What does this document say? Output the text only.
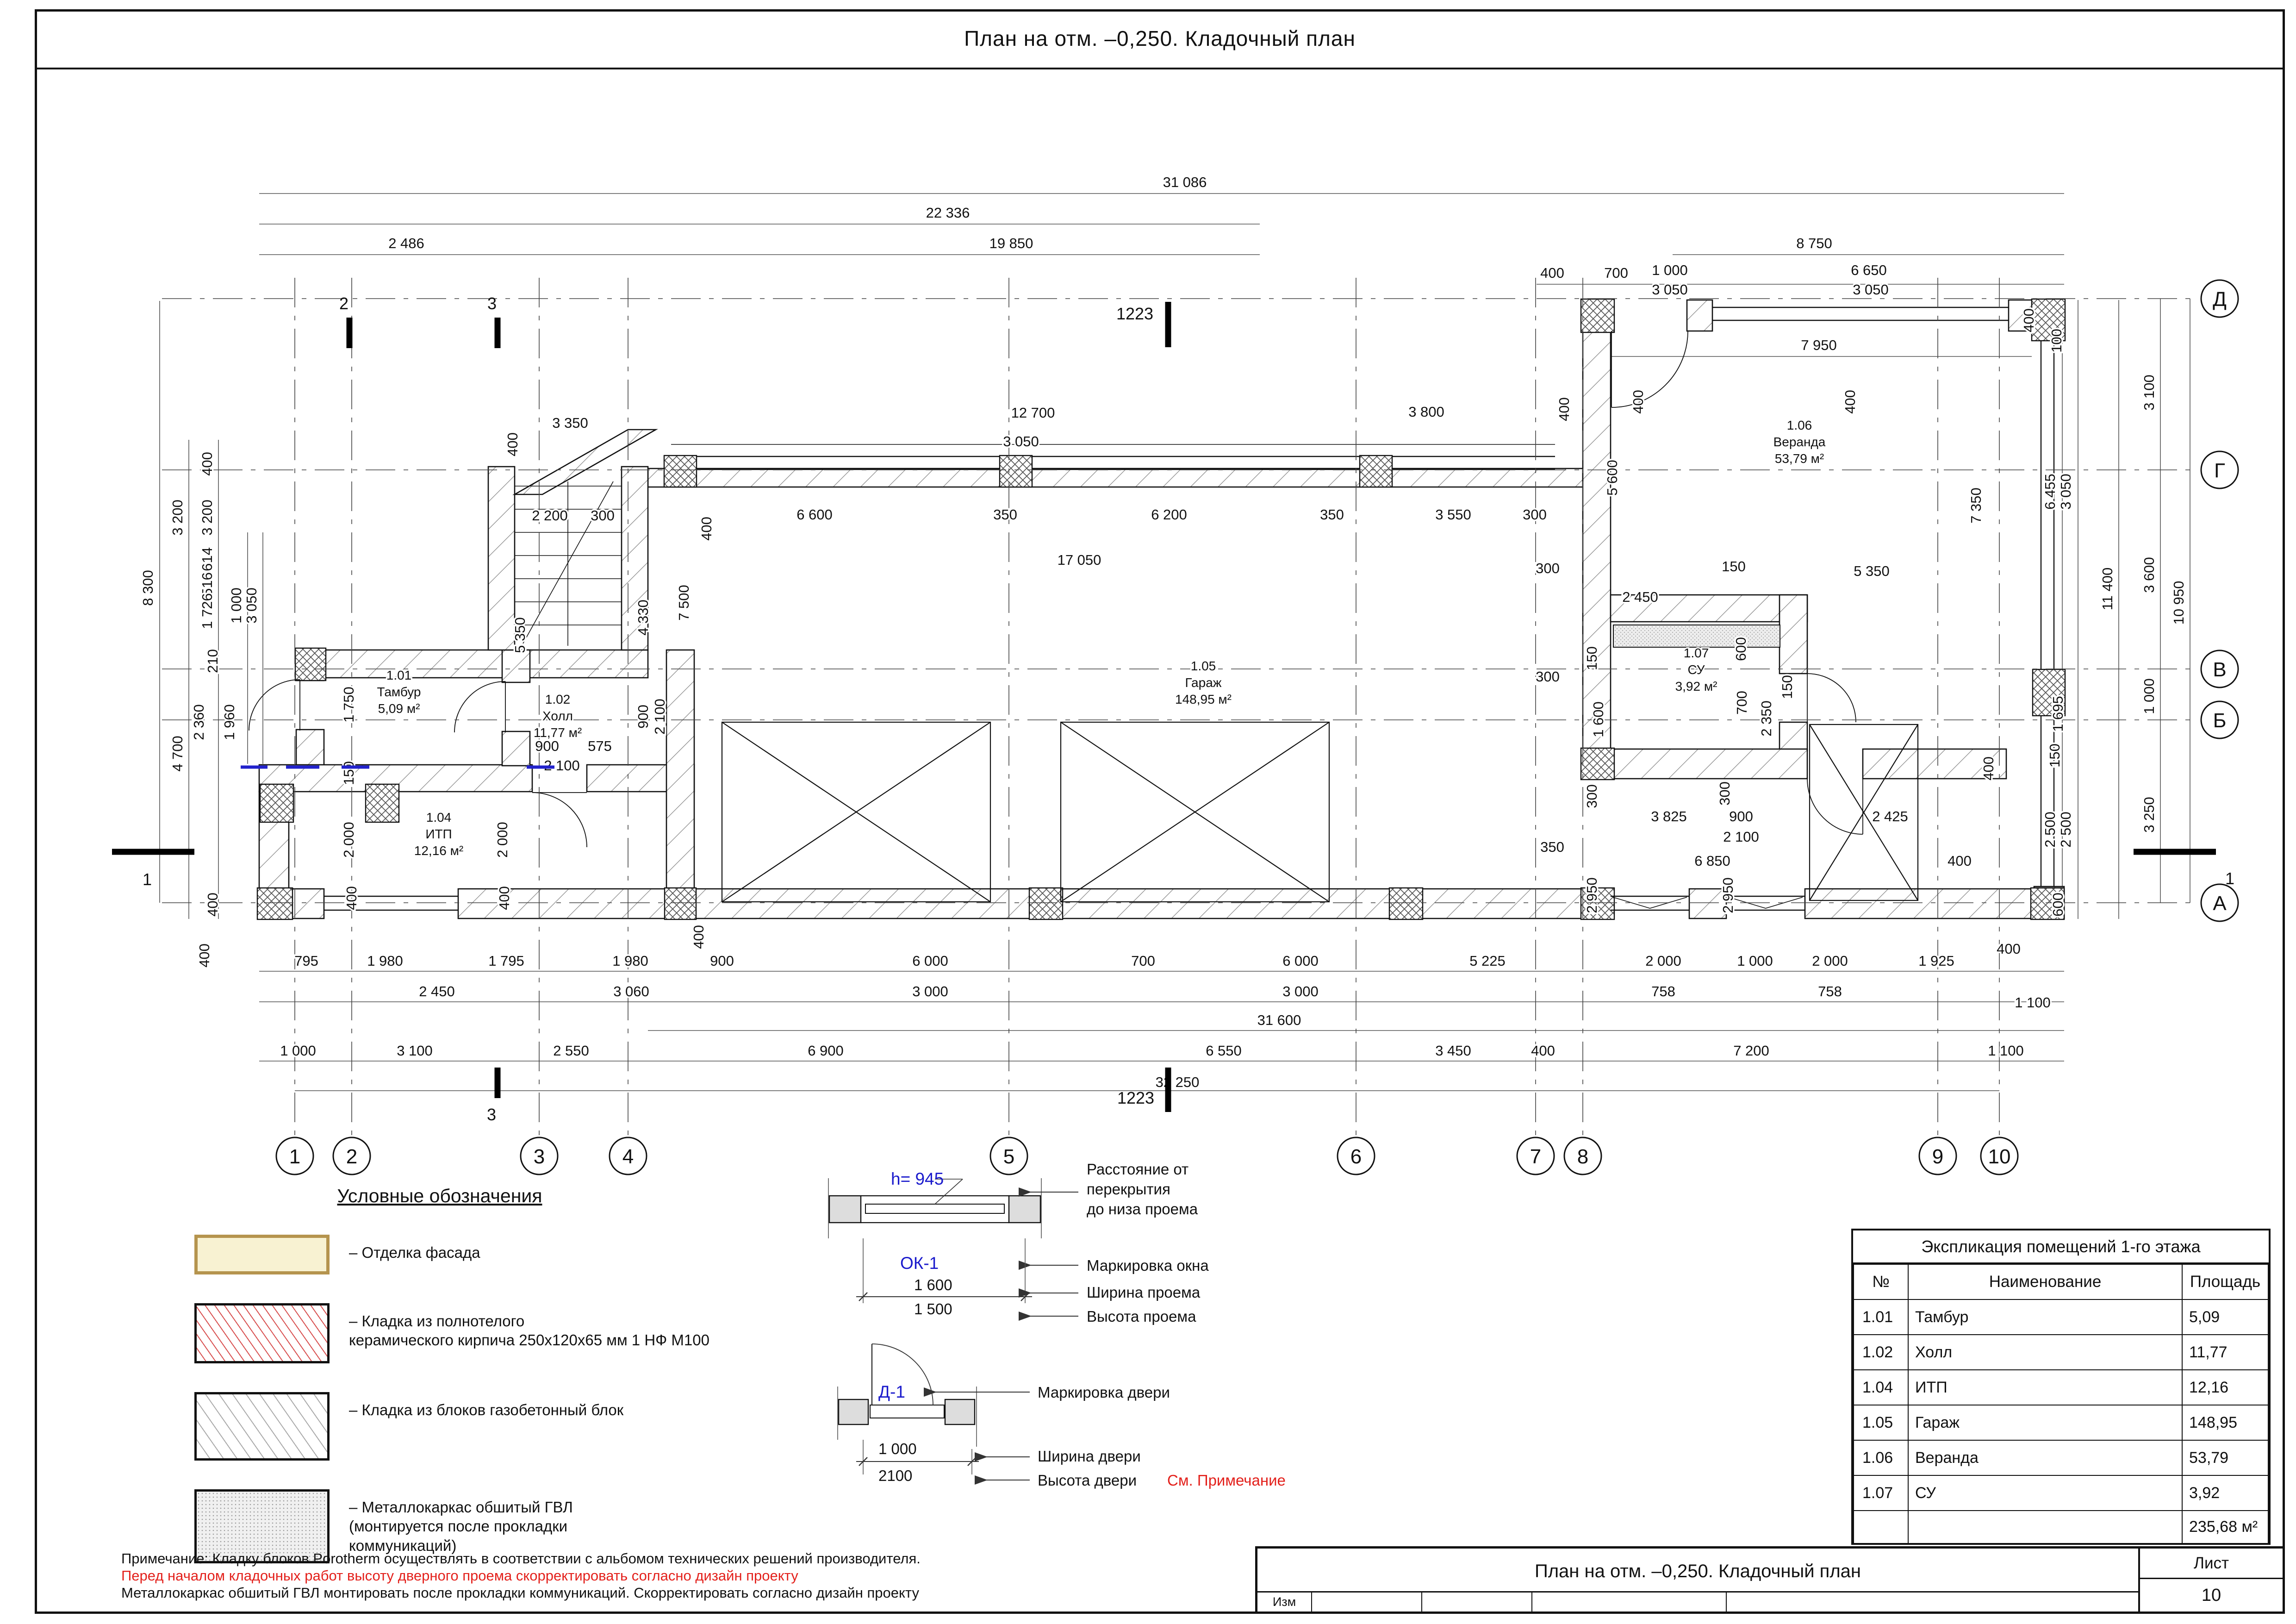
1 2	3	4	5	6	7 8	9 10
Д
Г
В
Б
А
31 086
22 336
2 486	19 850	8 750
400	700 1 000
3 050
6 650
3 050
400
100
400	400	400
7 950
3 350
400
12 700
3 050
3 800
2 200 300	6 600	350	6 200	350	3 550	300
5 600
17 050
400
8 300
3 200
4 700
400
3 200
614
516
1 726 1 000
3 050
210
2 360 1 960
400
1 750
150
2 000
400
2 000
400
900 575
2 100
900 2 100
5 350	4 330 7 500	2 450
150	5 350
600
700 2 350
150
150
1 600
900
2 100
3 825	2 425
300	300
2 950	2 950
6 850	400
350
400
300
300
6 455 3 050
1 695
150
2 500 2 500
600
11 400
3 100
3 600
1 000
3 250
10 950
7 350
795	1 980	1 795	1 980	900	6 000	700	6 000	5 225	2 000	1 000	2 000	1 925
400
2 450	3 060	3 000	3 000	758	758
1 100
31 600
1 000	3 100	2 550	6 900	6 550	3 450	400	7 200	1 100
32 250
400
400
1.01
Тамбур
5,09 м²
1.02
Холл
11,77 м²
1.04
ИТП
12,16 м²
1.05
Гараж
148,95 м²
1.06
Веранда
53,79 м²
1.07
СУ
3,92 м²
2	3
1223
3
1223
1	1
План на отм. –0,250. Кладочный план
Условные обозначения
– Отделка фасада
– Кладка из полнотелого
керамического кирпича 250х120х65 мм 1 НФ М100
– Кладка из блоков газобетонный блок
– Металлокаркас обшитый ГВЛ
(монтируется после прокладки
коммуникаций)
h= 945
Расстояние от
перекрытия
до низа проема
ОК-1	Маркировка окна
1 600	Ширина проема
1 500	Высота проема
Д-1	Маркировка двери
1 000	Ширина двери
2100	Высота двери См. Примечание
Экспликация помещений 1-го этажа
№	Наименование	Площадь
1.01	Тамбур	5,09
1.02	Холл	11,77
1.04	ИТП	12,16
1.05	Гараж	148,95
1.06	Веранда	53,79
1.07	СУ	3,92
		235,68 м²
План на отм. –0,250. Кладочный план
Изм
Лист
10
Примечание: Кладку блоков Porotherm осуществлять в соответствии с альбомом технических решений производителя.
Перед началом кладочных работ высоту дверного проема скорректировать согласно дизайн проекту
Металлокаркас обшитый ГВЛ монтировать после прокладки коммуникаций. Скорректировать согласно дизайн проекту
